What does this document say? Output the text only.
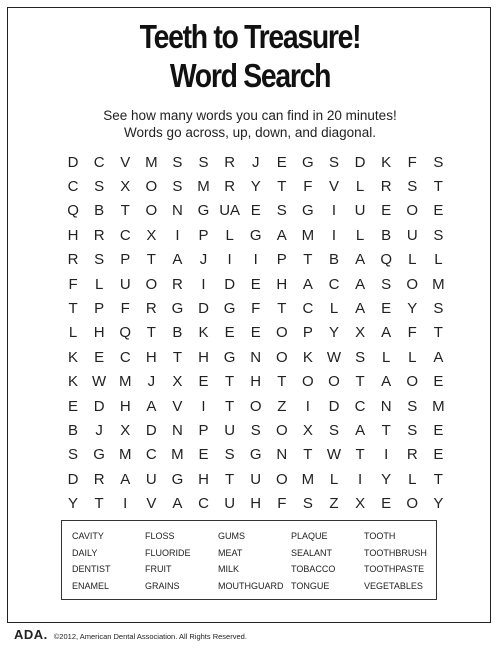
Teeth to Treasure!
Word Search
See how many words you can find in 20 minutes!
Words go across, up, down, and diagonal.
D	C	V M S	S	R	J	E	G	S	D	K	F	S
C	S	X	O	S M R	Y	T	F	V	L	R	S	T
Q	B	T	O N G UA E	S	G	I	U	E	O	E
H	R	C	X	I	P	L	G	A M	I	L	B	U	S
R	S	P	T	A	J	I	I	P	T	B	A	Q	L	L
F	L	U O R	I	D	E	H	A	C	A	S	O M
T	P	F	R G D G	F	T	C	L	A	E	Y	S
L	H Q	T	B	K	E	E	O	P	Y	X	A	F	T
K	E	C	H	T	H G N O	K W S	L	L	A
K W M	J	X	E	T	H	T	O O	T	A	O	E
E	D	H	A	V	I	T	O	Z	I	D	C	N	S M
B	J	X	D	N	P	U	S	O	X	S	A	T	S	E
S	G M C M E	S	G N	T W T	I	R	E
D	R	A	U G H	T	U O M	L	I	Y	L	T
Y	T	I	V	A	C	U	H	F	S	Z	X	E	O	Y
CAVITY
DAILY
DENTIST
ENAMEL
FLOSS
FLUORIDE
FRUIT
GRAINS
GUMS
MEAT
MILK
MOUTHGUARD
PLAQUE
SEALANT
TOBACCO
TONGUE
TOOTH
TOOTHBRUSH
TOOTHPASTE
VEGETABLES
ADA. ©2012, American Dental Association. All Rights Reserved.
